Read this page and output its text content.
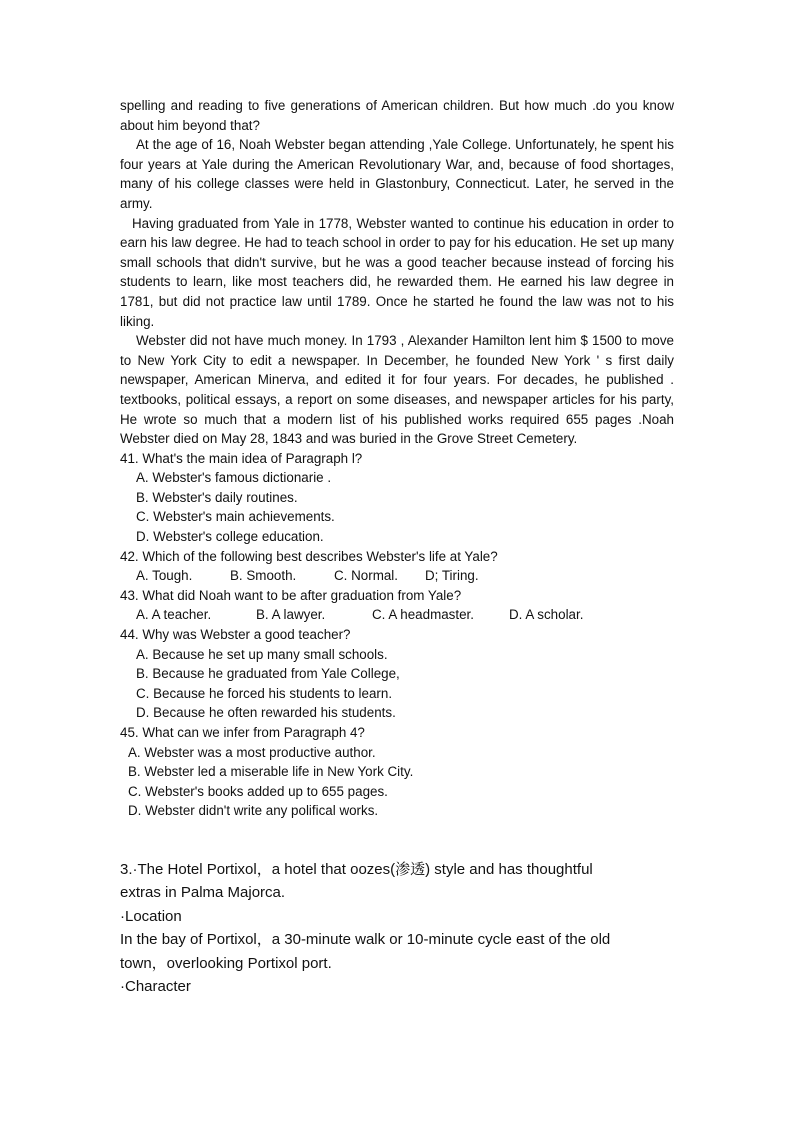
spelling and reading to five generations of American children. But how much .do you know about him beyond that?

At the age of 16, Noah Webster began attending ,Yale College. Unfortunately, he spent his four years at Yale during the American Revolutionary War, and, because of food shortages, many of his college classes were held in Glastonbury, Connecticut. Later, he served in the army.

Having graduated from Yale in 1778, Webster wanted to continue his education in order to earn his law degree. He had to teach school in order to pay for his education. He set up many small schools that didn't survive, but he was a good teacher because instead of forcing his students to learn, like most teachers did, he rewarded them. He earned his law degree in 1781, but did not practice law until 1789. Once he started he found the law was not to his liking.

Webster did not have much money. In 1793 , Alexander Hamilton lent him $ 1500 to move to New York City to edit a newspaper. In December, he founded New York ' s first daily newspaper, American Minerva, and edited it for four years. For decades, he published . textbooks, political essays, a report on some diseases, and newspaper articles for his party, He wrote so much that a modern list of his published works required 655 pages .Noah Webster died on May 28, 1843 and was buried in the Grove Street Cemetery.

41. What's the main idea of Paragraph l?

A. Webster's famous dictionarie .

B. Webster's daily routines.

C. Webster's main achievements.

D. Webster's college education.

42. Which of the following best describes Webster's life at Yale?

A. Tough.	B. Smooth.	C. Normal.	D; Tiring.

43. What did Noah want to be after graduation from Yale?

A. A teacher.	B. A lawyer.	C. A headmaster.	D. A scholar.

44. Why was Webster a good teacher?

A. Because he set up many small schools.

B. Because he graduated from Yale College,

C. Because he forced his students to learn.

D. Because he often rewarded his students.

45. What can we infer from Paragraph 4?

A. Webster was a most productive author.

B. Webster led a miserable life in New York City.

C. Webster's books added up to 655 pages.

D. Webster didn't write any polifical works.

3.·The Hotel Portixol，a hotel that oozes(渗透) style and has thoughtful

extras in Palma Majorca.

·Location

In the bay of Portixol，a 30-minute walk or 10-minute cycle east of the old

town，overlooking Portixol port.

·Character
